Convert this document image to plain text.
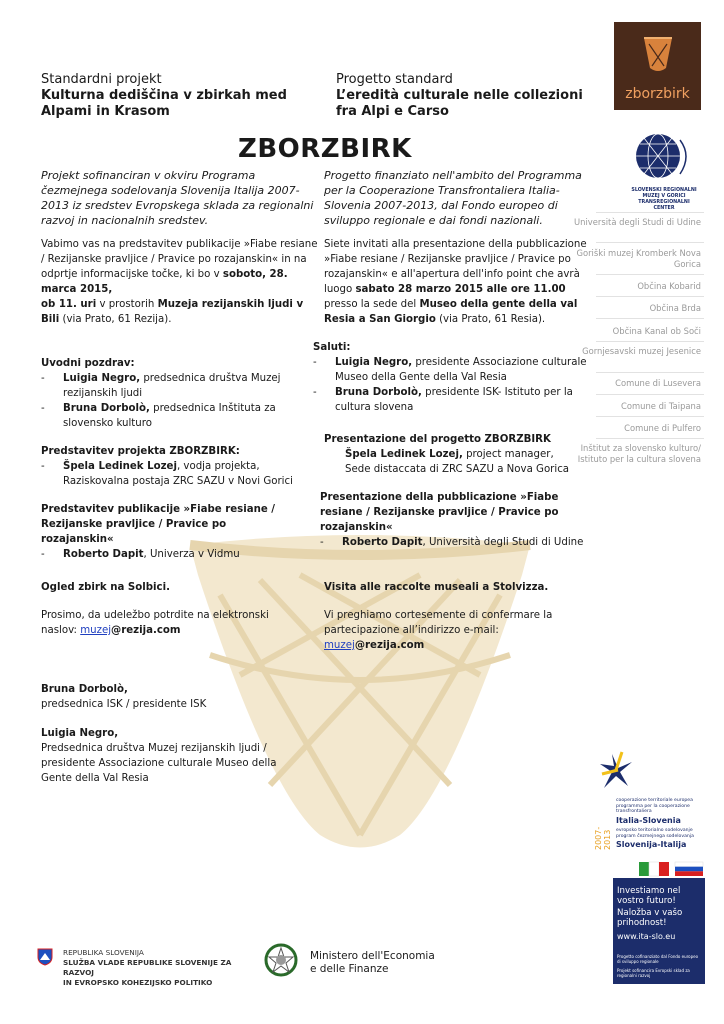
Standardni projekt
Kulturna dediščina v zbirkah med
Alpami in Krasom
Progetto standard
L’eredità culturale nelle collezioni
fra Alpi e Carso
ZBORZBIRK
zborzbirk
SLOVENSKI REGIONALNI MUZEJ V GORICI TRANSREGIONALNI CENTER
Università degli Studi di Udine
Goriški muzej Kromberk Nova Gorica
Občina Kobarid
Občina Brda
Občina Kanal ob Soči
Gornjesavski muzej Jesenice
Comune di Lusevera
Comune di Taipana
Comune di Pulfero
Inštitut za slovensko kulturo/ Istituto per la cultura slovena

Projekt sofinanciran v okviru Programa čezmejnega sodelovanja Slovenija Italija 2007-2013 iz sredstev Evropskega sklada za regionalni razvoj in nacionalnih sredstev.

Vabimo vas na predstavitev publikacije »Fiabe resiane / Rezijanske pravljice / Pravice po rozajanskin« in na odprtje informacijske točke, ki bo v soboto, 28. marca 2015,
ob 11. uri v prostorih Muzeja rezijanskih ljudi v Bili (via Prato, 61 Rezija).

Uvodni pozdrav:
-	Luigia Negro, predsednica društva Muzej rezijanskih ljudi
-	Bruna Dorbolò, predsednica Inštituta za slovensko kulturo
Predstavitev projekta ZBORZBIRK:
-	Špela Ledinek Lozej, vodja projekta, Raziskovalna postaja ZRC SAZU v Novi Gorici
Predstavitev publikacije »Fiabe resiane / Rezijanske pravljice / Pravice po rozajanskin«
-	Roberto Dapit, Univerza v Vidmu
Ogled zbirk na Solbici.

Prosimo, da udeležbo potrdite na elektronski naslov: muzej@rezija.com

Bruna Dorbolò,
predsednica ISK / presidente ISK
Luigia Negro,
Predsednica društva Muzej rezijanskih ljudi / presidente Associazione culturale Museo della Gente della Val Resia

Progetto finanziato nell'ambito del Programma per la Cooperazione Transfrontaliera Italia-Slovenia 2007-2013, dal Fondo europeo di sviluppo regionale e dai fondi nazionali.

Siete invitati alla presentazione della pubblicazione »Fiabe resiane / Rezijanske pravljice / Pravice po rozajanskin« e all'apertura dell'info point che avrà luogo sabato 28 marzo 2015 alle ore 11.00 presso la sede del Museo della gente della val Resia a San Giorgio (via Prato, 61 Resia).

Saluti:
-	Luigia Negro, presidente Associazione culturale Museo della Gente della Val Resia
-	Bruna Dorbolò, presidente ISK- Istituto per la cultura slovena
Presentazione del progetto ZBORZBIRK
Špela Ledinek Lozej, project manager,
Sede distaccata di ZRC SAZU a Nova Gorica
Presentazione della pubblicazione »Fiabe resiane / Rezijanske pravljice / Pravice po rozajanskin«
-	Roberto Dapit, Università degli Studi di Udine
Visita alle raccolte museali a Stolvizza.

Vi preghiamo cortesemente di confermare la partecipazione all’indirizzo e-mail: muzej@rezija.com

2007-2013
cooperazione territoriale europea programma per la cooperazione transfrontaliera
Italia-Slovenia
evropsko teritorialno sodelovanje program čezmejnega sodelovanja
Slovenija-Italija
Investiamo nel vostro futuro!
Naložba v vašo prihodnost!
www.ita-slo.eu
Progetto cofinanziato dal Fondo europeo di sviluppo regionale
Projekt sofinancira Evropski sklad za regionalni razvoj
REPUBLIKA SLOVENIJA
SLUŽBA VLADE REPUBLIKE SLOVENIJE ZA RAZVOJ
IN EVROPSKO KOHEZIJSKO POLITIKO
Ministero dell'Economia
e delle Finanze
